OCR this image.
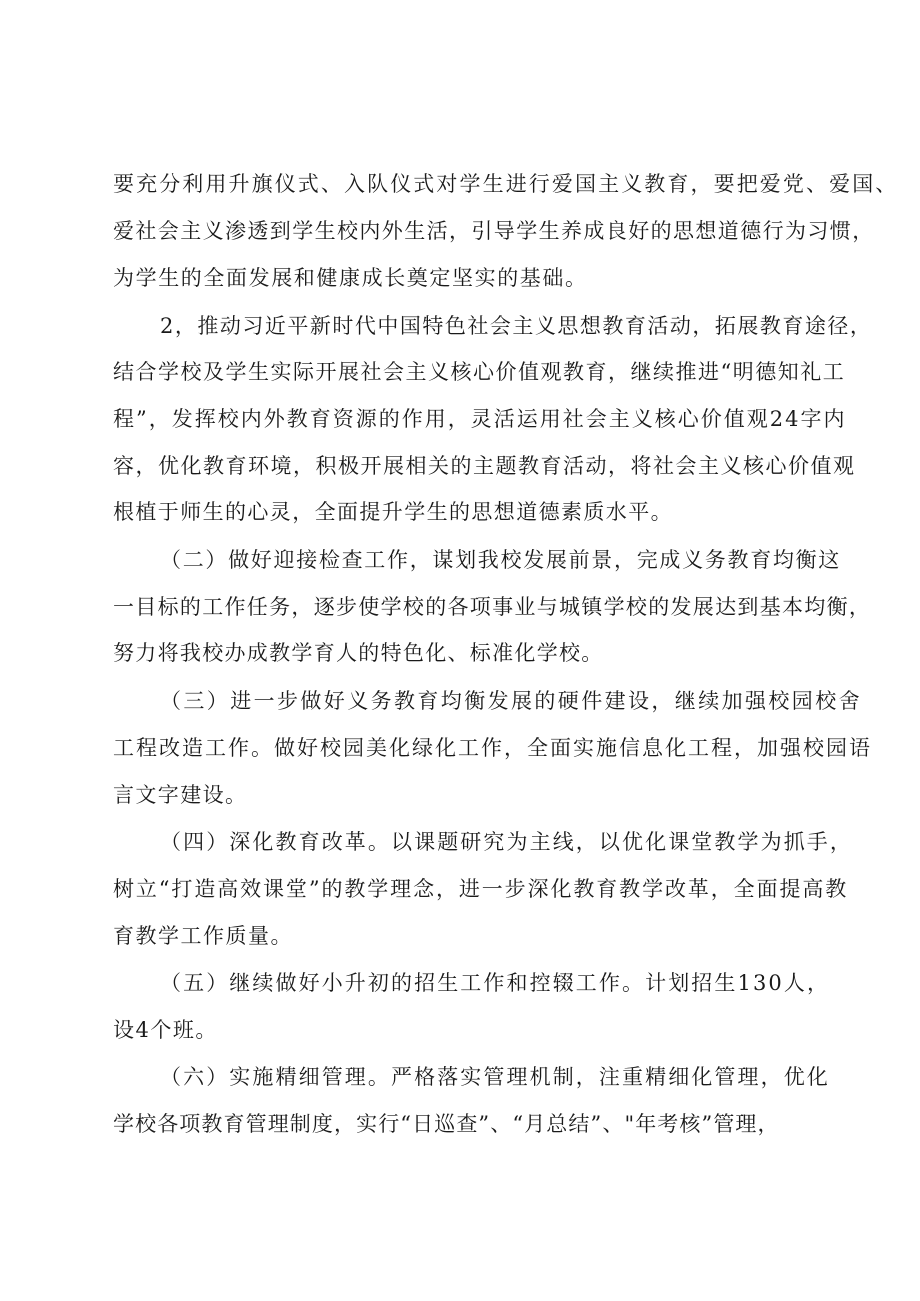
要充分利用升旗仪式、入队仪式对学生进行爱国主义教育，要把爱党、爱国、

爱社会主义渗透到学生校内外生活，引导学生养成良好的思想道德行为习惯，

为学生的全面发展和健康成长奠定坚实的基础。

2，推动习近平新时代中国特色社会主义思想教育活动，拓展教育途径，

结合学校及学生实际开展社会主义核心价值观教育，继续推进“明德知礼工

程”，发挥校内外教育资源的作用，灵活运用社会主义核心价值观24字内

容，优化教育环境，积极开展相关的主题教育活动，将社会主义核心价值观

根植于师生的心灵，全面提升学生的思想道德素质水平。

（二）做好迎接检查工作，谋划我校发展前景，完成义务教育均衡这

一目标的工作任务，逐步使学校的各项事业与城镇学校的发展达到基本均衡，

努力将我校办成教学育人的特色化、标准化学校。

（三）进一步做好义务教育均衡发展的硬件建设，继续加强校园校舍

工程改造工作。做好校园美化绿化工作，全面实施信息化工程，加强校园语

言文字建设。

（四）深化教育改革。以课题研究为主线，以优化课堂教学为抓手，

树立“打造高效课堂”的教学理念，进一步深化教育教学改革，全面提高教

育教学工作质量。

（五）继续做好小升初的招生工作和控辍工作。计划招生130人，

设4个班。

（六）实施精细管理。严格落实管理机制，注重精细化管理，优化

学校各项教育管理制度，实行“日巡查”、“月总结”、"年考核”管理，
